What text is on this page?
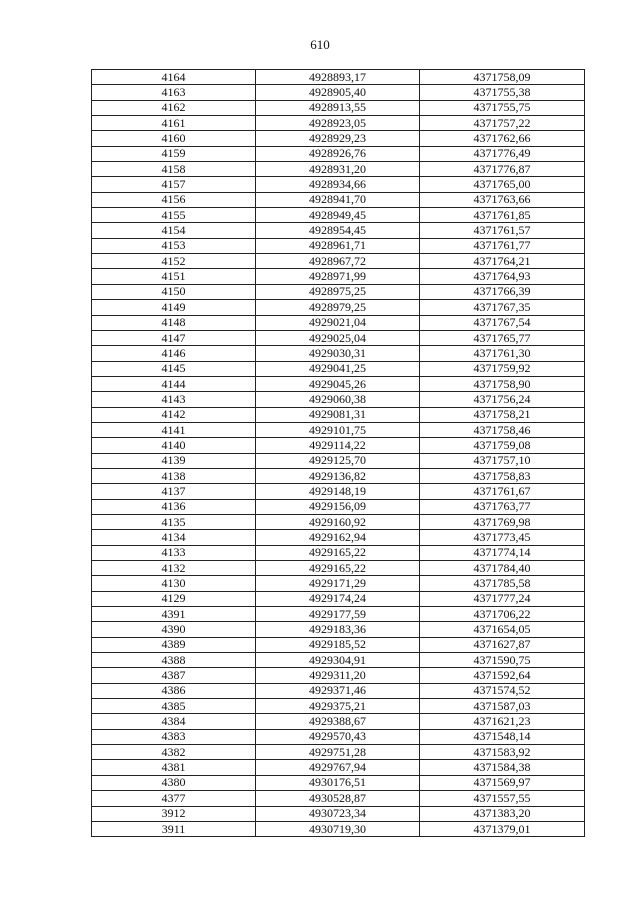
610
4164	4928893,17	4371758,09
4163	4928905,40	4371755,38
4162	4928913,55	4371755,75
4161	4928923,05	4371757,22
4160	4928929,23	4371762,66
4159	4928926,76	4371776,49
4158	4928931,20	4371776,87
4157	4928934,66	4371765,00
4156	4928941,70	4371763,66
4155	4928949,45	4371761,85
4154	4928954,45	4371761,57
4153	4928961,71	4371761,77
4152	4928967,72	4371764,21
4151	4928971,99	4371764,93
4150	4928975,25	4371766,39
4149	4928979,25	4371767,35
4148	4929021,04	4371767,54
4147	4929025,04	4371765,77
4146	4929030,31	4371761,30
4145	4929041,25	4371759,92
4144	4929045,26	4371758,90
4143	4929060,38	4371756,24
4142	4929081,31	4371758,21
4141	4929101,75	4371758,46
4140	4929114,22	4371759,08
4139	4929125,70	4371757,10
4138	4929136,82	4371758,83
4137	4929148,19	4371761,67
4136	4929156,09	4371763,77
4135	4929160,92	4371769,98
4134	4929162,94	4371773,45
4133	4929165,22	4371774,14
4132	4929165,22	4371784,40
4130	4929171,29	4371785,58
4129	4929174,24	4371777,24
4391	4929177,59	4371706,22
4390	4929183,36	4371654,05
4389	4929185,52	4371627,87
4388	4929304,91	4371590,75
4387	4929311,20	4371592,64
4386	4929371,46	4371574,52
4385	4929375,21	4371587,03
4384	4929388,67	4371621,23
4383	4929570,43	4371548,14
4382	4929751,28	4371583,92
4381	4929767,94	4371584,38
4380	4930176,51	4371569,97
4377	4930528,87	4371557,55
3912	4930723,34	4371383,20
3911	4930719,30	4371379,01
